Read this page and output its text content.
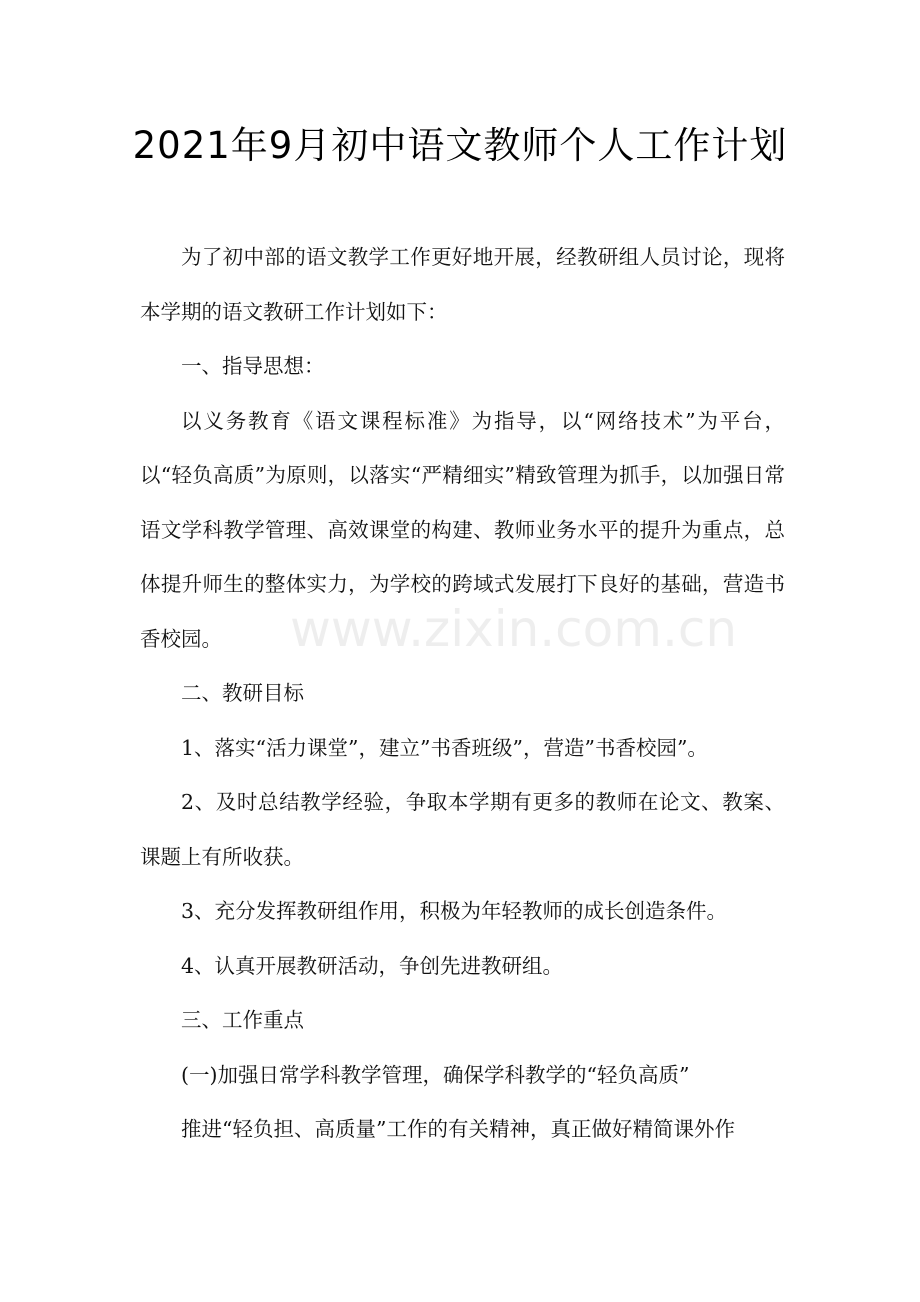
2021年9月初中语文教师个人工作计划

为了初中部的语文教学工作更好地开展，经教研组人员讨论，现将本学期的语文教研工作计划如下：

一、指导思想：

以义务教育《语文课程标准》为指导，以“网络技术”为平台，以“轻负高质”为原则，以落实“严精细实”精致管理为抓手，以加强日常语文学科教学管理、高效课堂的构建、教师业务水平的提升为重点，总体提升师生的整体实力，为学校的跨域式发展打下良好的基础，营造书香校园。

二、教研目标

1、落实“活力课堂”，建立”书香班级”，营造”书香校园”。

2、及时总结教学经验，争取本学期有更多的教师在论文、教案、课题上有所收获。

3、充分发挥教研组作用，积极为年轻教师的成长创造条件。

4、认真开展教研活动，争创先进教研组。

三、工作重点

(一)加强日常学科教学管理，确保学科教学的“轻负高质”

推进“轻负担、高质量”工作的有关精神，真正做好精简课外作

www.zixin.com.cn
